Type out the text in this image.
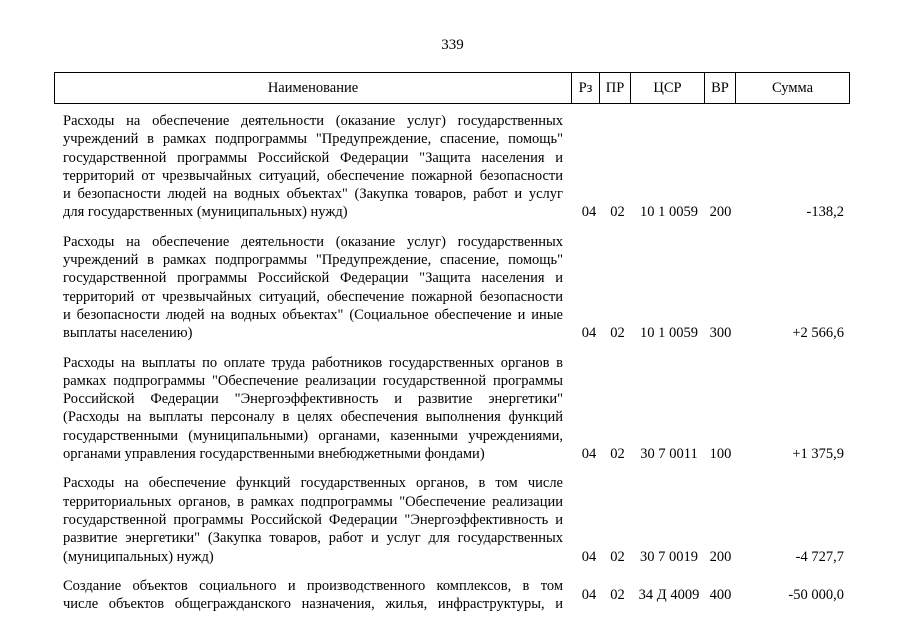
339
Наименование	Рз ПР	ЦСР	ВР	Сумма
Расходы на обеспечение деятельности (оказание услуг) государственных
учреждений в рамках подпрограммы "Предупреждение, спасение, помощь"
государственной программы Российской Федерации "Защита населения и
территорий от чрезвычайных ситуаций, обеспечение пожарной безопасности
и безопасности людей на водных объектах" (Закупка товаров, работ и услуг
для государственных (муниципальных) нужд)	04 02	10 1 0059 200	-138,2
Расходы на обеспечение деятельности (оказание услуг) государственных
учреждений в рамках подпрограммы "Предупреждение, спасение, помощь"
государственной программы Российской Федерации "Защита населения и
территорий от чрезвычайных ситуаций, обеспечение пожарной безопасности
и безопасности людей на водных объектах" (Социальное обеспечение и иные
выплаты населению)	04 02	10 1 0059 300	+2 566,6
Расходы на выплаты по оплате труда работников государственных органов в
рамках подпрограммы "Обеспечение реализации государственной программы
Российской Федерации "Энергоэффективность и развитие энергетики"
(Расходы на выплаты персоналу в целях обеспечения выполнения функций
государственными (муниципальными) органами, казенными учреждениями,
органами управления государственными внебюджетными фондами)	04 02	30 7 0011 100	+1 375,9
Расходы на обеспечение функций государственных органов, в том числе
территориальных органов, в рамках подпрограммы "Обеспечение реализации
государственной программы Российской Федерации "Энергоэффективность и
развитие энергетики" (Закупка товаров, работ и услуг для государственных
(муниципальных) нужд)	04 02	30 7 0019 200	-4 727,7
Создание объектов социального и производственного комплексов, в том
числе объектов общегражданского назначения, жилья, инфраструктуры, и
04 02 34 Д 4009 400	-50 000,0
